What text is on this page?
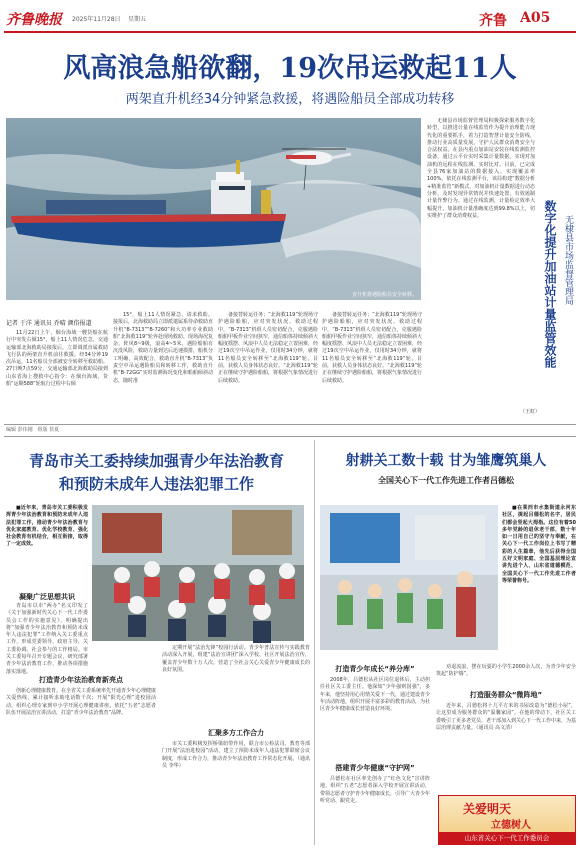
齐鲁晚报 2025年11月28日 星期五	齐鲁 A05
风高浪急船欲翻，19次吊运救起11人
两架直升机经34分钟紧急救援，将遇险船员全部成功转移
直升机将遇险船员安全转移。	数字化提升加油站计量监管效能 无棣县市场监督管理局

无棣县市场监督管理局积极探索服务数字化转型，以推进计量在线监管作为提升治理能力现代化的重要抓手，着力打造智慧计量安全防线，推动行业高质量发展，守护人民群众消费安全与合法权益。在县内重点加油站安装在线监测监控设备，通过云平台实时采集计量数据，实现对加油机的远程在线监测、实时比对。目前，已完成全县76家加油站的数据接入，实现覆盖率100%。依托在线监测平台，该局构建“数据分析+精准监管”新模式，对加油机计量数据进行动态分析，及时发现异常情况并快速处置，有效遏制计量作弊行为。通过在线监测，计量检定效率大幅提升，加油机计量准确度达到99.8%以上，切实维护了群众消费权益。

（王虹）
记者 于洋 通讯员 乔晴 颜俗报道

11月22日上午，烟台海域一艘货船在航行中突发右倾15°，船上11人情况危急，交通运输部北海救助局接报后，立即调派直属救助飞行队的两架直升机前往救援。经34分钟19次吊运，11名船员全部被安全转移至救助船。27日晚7点59分，交通运输部北海救助局接到山东省海上搜救中心指令：在烟台海域，货船“运顺588”轮航行过程中右倾

15°，船上11人情况紧急，请求救助。接报后，北海救助局立即派遣属系待命救助直升机“B-7313”“B-7260”和大功率专业救助船“北海救119”轮奔赴现场救助。现场海况复杂，阵风8~9级，浪高4~5米，遇险船舶有沉没风险，救助力量到达后迅速摸排，船机分工明确，高效配合，救助直升机“B-7313”负责空中吊运遇险船员和转移工作，救助直升机“B-72GG”实时监测海况变化和船舶倾斜动态，随时准

备接替转运任务；“北海救119”轮现场守护遇险船舶，应对突发状况。救助过程中，“B-7313”机组人员密切配合，克服遇险船舶甲板作业空间狭窄，通信船体持续倾斜大幅度摇摆、风浪中人员无法稳定立置困难，经过19次空中吊运作业，仅用时34分钟，就将11名船员安全转移至“北海救119”轮。目前，获救人员身体状态良好。“北海救119”轮正在继续守护遇险船舶，将根据气象情况进行后续救助。

备接替转运任务；“北海救119”轮现场守护遇险船舶，应对突发状况。救助过程中，“B-7313”机组人员密切配合，克服遇险船舶甲板作业空间狭窄，通信船体持续倾斜大幅度摇摆、风浪中人员无法稳定立置困难，经过19次空中吊运作业，仅用时34分钟，就将11名船员安全转移至“北海救119”轮。目前，获救人员身体状态良好。“北海救119”轮正在继续守护遇险船舶，将根据气象情况进行后续救助。

编辑 彭伟刚　组版 侯夏
青岛市关工委持续加强青少年法治教育
和预防未成年人违法犯罪工作

■近年来，青岛市关工委积极发挥青少年法治教育和预防未成年人违法犯罪工作，推动青少年法治教育与优化家庭教育、优化学校教育、强化社会教育有机结合，相互衔接，取得了一定成效。

凝聚广泛思想共识

青岛市以市“两办”名义印发了《关于加强新时代关心下一代工作委员会工作的实施意见》，明确提出将“加强青少年法治教育和预防未成年人违法犯罪”工作纳入关工委重点工作，形成党委领导、政府主导、关工委协调、社会参与的工作格局。市关工委每年召开专题会议，研究部署青少年法治教育工作，推动各项措施落实落地。

打造青少年法治教育新亮点

创新心理健康教育。在全省关工委系统率先开通青少年心理健康关爱热线，累计接听求助电话数千次；开展“阳光心理”进校园活动，组织心理专家到中小学开展心理健康讲座。依托“五老”志愿者队伍开展法治宣讲活动，打造“青少年法治教育”品牌。

定期开展“法治先锋”校园行活动。青少年普法宣传与实践教育活动深入开展，组建“法治宣讲团”深入学校、社区开展法治宣传，覆盖青少年数十万人次，营造了全社会关心关爱青少年健康成长的良好氛围。

汇聚多方工作合力

市关工委积极发挥桥梁纽带作用，联合市公检法司、教育等部门开展“法治进校园”活动，建立了预防未成年人违法犯罪联席会议制度，形成工作合力，推动青少年法治教育工作常态化开展。（通讯员 李华）

射耕关工数十载 甘为雏鹰筑巢人
全国关心下一代工作先进工作者吕德松

■在莱西市水集街道永河东社区，提起吕德松的名字，居民们都会竖起大拇指。这位有着50多年党龄的退休老干部，数十年如一日用自己的坚守与奉献，在关心下一代工作岗位上书写了精彩的人生篇章，他先后获得全国五好文明家庭、全国基层理论宣讲先进个人、山东省道德模范、全国关心下一代工作先进工作者等荣誉称号。

打造青少年成长“养分库”

2008年，吕德松从社区岗位退休后，主动担任社区关工委主任。他深知“少年强则国强”，多年来，他坚持用心用情关爱下一代，通过建设青少年活动阵地，组织开展丰富多彩的教育活动，为社区青少年健康成长营造良好环境。

搭建青少年健康“守护网”

吕德松在社区率先创办了“红色文化”宣讲阵地，组织“五老”志愿者深入学校开展宣讲活动，带领志愿者守护青少年健康成长，引导广大青少年听党话、跟党走。

劝退流浪，摆在玩耍的小学生2000余人次，为青少年安全筑起“防护墙”。

打造服务群众“微阵地”

近年来，吕德松将十几平方米的书屋改造为“德松小屋”，让这里成为服务群众的“温馨家园”。在他的带动下，社区关工委吸引了更多老党员、老干部加入到关心下一代工作中来，为基层治理贡献力量。（通讯员 高文清）

关爱明天
立德树人
山东省关心下一代工作委员会
